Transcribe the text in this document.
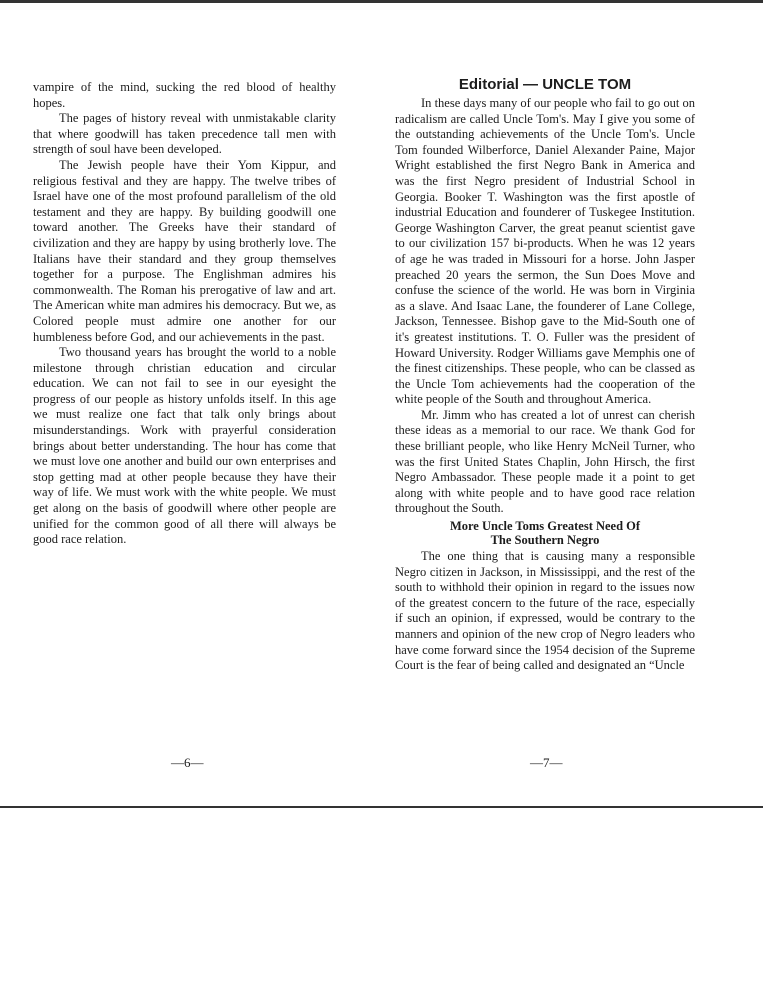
vampire of the mind, sucking the red blood of healthy hopes.

The pages of history reveal with unmistakable clarity that where goodwill has taken precedence tall men with strength of soul have been developed.

The Jewish people have their Yom Kippur, and religious festival and they are happy. The twelve tribes of Israel have one of the most profound parallelism of the old testament and they are happy. By building goodwill one toward another. The Greeks have their standard of civilization and they are happy by using brotherly love. The Italians have their standard and they group themselves together for a purpose. The Englishman admires his commonwealth. The Roman his prerogative of law and art. The American white man admires his democracy. But we, as Colored people must admire one another for our humbleness before God, and our achievements in the past.

Two thousand years has brought the world to a noble milestone through christian education and circular education. We can not fail to see in our eyesight the progress of our people as history unfolds itself. In this age we must realize one fact that talk only brings about misunderstandings. Work with prayerful consideration brings about better understanding. The hour has come that we must love one another and build our own enterprises and stop getting mad at other people because they have their way of life. We must work with the white people. We must get along on the basis of goodwill where other people are unified for the common good of all there will always be good race relation.

Editorial — UNCLE TOM

In these days many of our people who fail to go out on radicalism are called Uncle Tom's. May I give you some of the outstanding achievements of the Uncle Tom's. Uncle Tom founded Wilberforce, Daniel Alexander Paine, Major Wright established the first Negro Bank in America and was the first Negro president of Industrial School in Georgia. Booker T. Washington was the first apostle of industrial Education and founderer of Tuskegee Institution. George Washington Carver, the great peanut scientist gave to our civilization 157 bi-products. When he was 12 years of age he was traded in Missouri for a horse. John Jasper preached 20 years the sermon, the Sun Does Move and confuse the science of the world. He was born in Virginia as a slave. And Isaac Lane, the founderer of Lane College, Jackson, Tennessee. Bishop gave to the Mid-South one of it's greatest institutions. T. O. Fuller was the president of Howard University. Rodger Williams gave Memphis one of the finest citizenships. These people, who can be classed as the Uncle Tom achievements had the cooperation of the white people of the South and throughout America.

Mr. Jimm who has created a lot of unrest can cherish these ideas as a memorial to our race. We thank God for these brilliant people, who like Henry McNeil Turner, who was the first United States Chaplin, John Hirsch, the first Negro Ambassador. These people made it a point to get along with white people and to have good race relation throughout the South.

More Uncle Toms Greatest Need Of
The Southern Negro

The one thing that is causing many a responsible Negro citizen in Jackson, in Mississippi, and the rest of the south to withhold their opinion in regard to the issues now of the greatest concern to the future of the race, especially if such an opinion, if expressed, would be contrary to the manners and opinion of the new crop of Negro leaders who have come forward since the 1954 decision of the Supreme Court is the fear of being called and designated an “Uncle

—6—	—7—
